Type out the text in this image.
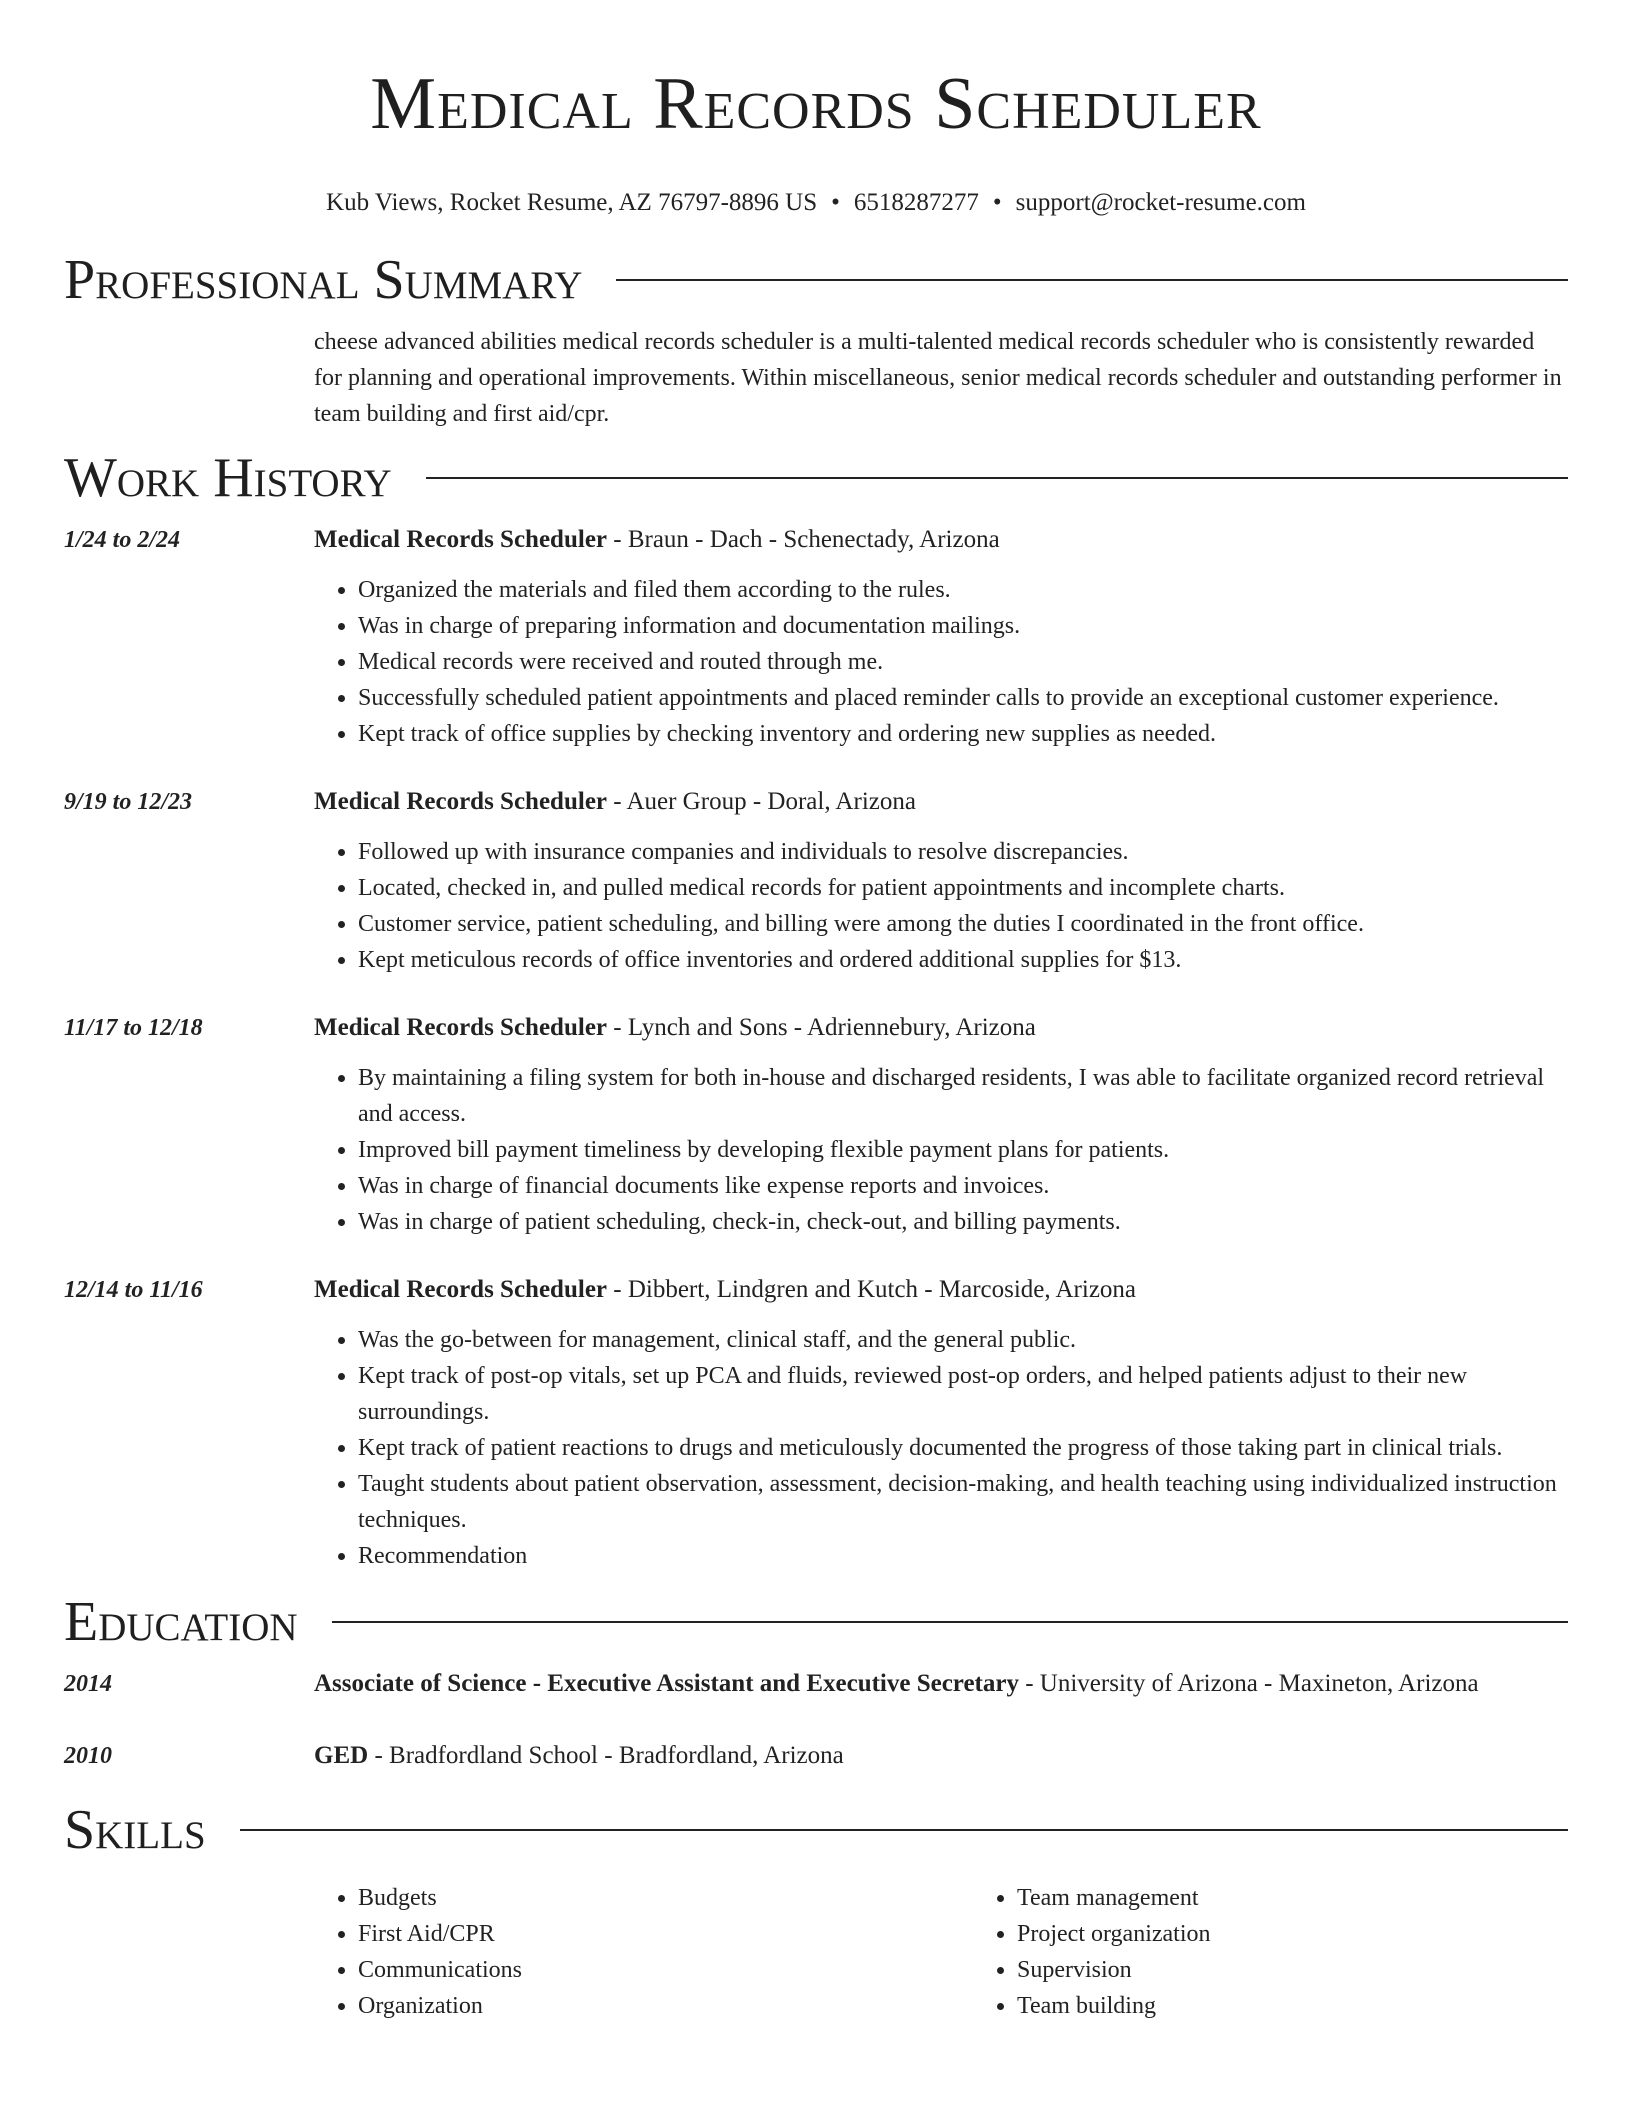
Medical Records Scheduler
Kub Views, Rocket Resume, AZ 76797-8896 US • 6518287277 • support@rocket-resume.com
Professional Summary
cheese advanced abilities medical records scheduler is a multi-talented medical records scheduler who is consistently rewarded for planning and operational improvements. Within miscellaneous, senior medical records scheduler and outstanding performer in team building and first aid/cpr.
Work History
1/24 to 2/24	Medical Records Scheduler - Braun - Dach - Schenectady, Arizona
• Organized the materials and filed them according to the rules.
• Was in charge of preparing information and documentation mailings.
• Medical records were received and routed through me.
• Successfully scheduled patient appointments and placed reminder calls to provide an exceptional customer experience.
• Kept track of office supplies by checking inventory and ordering new supplies as needed.
9/19 to 12/23	Medical Records Scheduler - Auer Group - Doral, Arizona
• Followed up with insurance companies and individuals to resolve discrepancies.
• Located, checked in, and pulled medical records for patient appointments and incomplete charts.
• Customer service, patient scheduling, and billing were among the duties I coordinated in the front office.
• Kept meticulous records of office inventories and ordered additional supplies for $13.
11/17 to 12/18	Medical Records Scheduler - Lynch and Sons - Adriennebury, Arizona
• By maintaining a filing system for both in-house and discharged residents, I was able to facilitate organized record retrieval and access.
• Improved bill payment timeliness by developing flexible payment plans for patients.
• Was in charge of financial documents like expense reports and invoices.
• Was in charge of patient scheduling, check-in, check-out, and billing payments.
12/14 to 11/16	Medical Records Scheduler - Dibbert, Lindgren and Kutch - Marcoside, Arizona
• Was the go-between for management, clinical staff, and the general public.
• Kept track of post-op vitals, set up PCA and fluids, reviewed post-op orders, and helped patients adjust to their new surroundings.
• Kept track of patient reactions to drugs and meticulously documented the progress of those taking part in clinical trials.
• Taught students about patient observation, assessment, decision-making, and health teaching using individualized instruction techniques.
• Recommendation
Education
2014	Associate of Science - Executive Assistant and Executive Secretary - University of Arizona - Maxineton, Arizona
2010	GED - Bradfordland School - Bradfordland, Arizona
Skills
• Budgets
• First Aid/CPR
• Communications
• Organization
• Team management
• Project organization
• Supervision
• Team building
